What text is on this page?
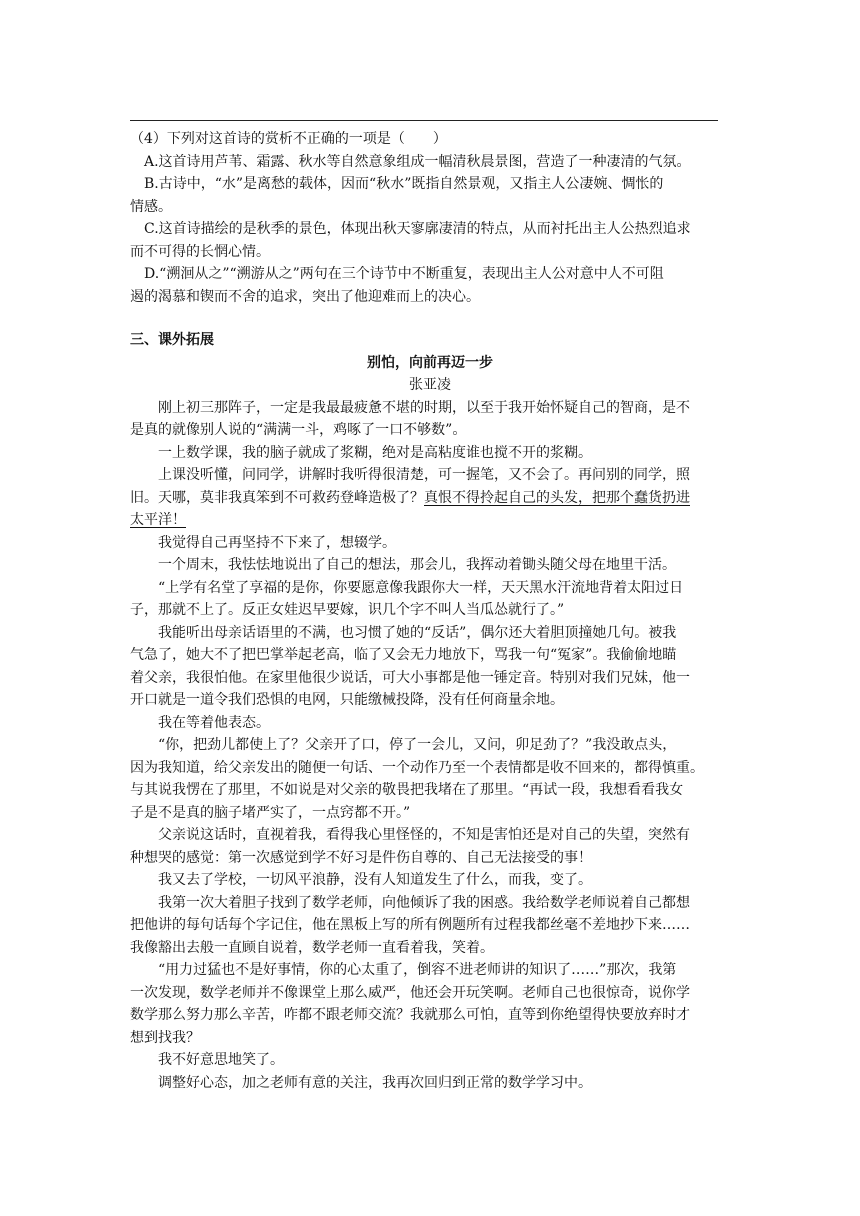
（4）下列对这首诗的赏析不正确的一项是（　　）

A.这首诗用芦苇、霜露、秋水等自然意象组成一幅清秋晨景图，营造了一种凄清的气氛。

B.古诗中，“水”是离愁的载体，因而“秋水”既指自然景观，又指主人公凄婉、惆怅的

情感。

C.这首诗描绘的是秋季的景色，体现出秋天寥廓凄清的特点，从而衬托出主人公热烈追求

而不可得的长惘心情。

D.“溯洄从之”“溯游从之”两句在三个诗节中不断重复，表现出主人公对意中人不可阻

遏的渴慕和锲而不舍的追求，突出了他迎难而上的决心。

三、课外拓展
别怕，向前再迈一步
张亚凌

刚上初三那阵子，一定是我最最疲惫不堪的时期，以至于我开始怀疑自己的智商，是不

是真的就像别人说的“满满一斗，鸡啄了一口不够数”。

一上数学课，我的脑子就成了浆糊，绝对是高粘度谁也搅不开的浆糊。

上课没听懂，问同学，讲解时我听得很清楚，可一握笔，又不会了。再问别的同学，照

旧。天哪，莫非我真笨到不可救药登峰造极了？真恨不得拎起自己的头发，把那个蠢货扔进

太平洋！

我觉得自己再坚持不下来了，想辍学。

一个周末，我怯怯地说出了自己的想法，那会儿，我挥动着锄头随父母在地里干活。

“上学有名堂了享福的是你，你要愿意像我跟你大一样，天天黑水汗流地背着太阳过日

子，那就不上了。反正女娃迟早要嫁，识几个字不叫人当瓜怂就行了。”

我能听出母亲话语里的不满，也习惯了她的“反话”，偶尔还大着胆顶撞她几句。被我

气急了，她大不了把巴掌举起老高，临了又会无力地放下，骂我一句“冤家”。我偷偷地瞄

着父亲，我很怕他。在家里他很少说话，可大小事都是他一锤定音。特别对我们兄妹，他一

开口就是一道令我们恐惧的电网，只能缴械投降，没有任何商量余地。

我在等着他表态。

“你，把劲儿都使上了？父亲开了口，停了一会儿，又问，卯足劲了？”我没敢点头，

因为我知道，给父亲发出的随便一句话、一个动作乃至一个表情都是收不回来的，都得慎重。

与其说我愣在了那里，不如说是对父亲的敬畏把我堵在了那里。“再试一段，我想看看我女

子是不是真的脑子堵严实了，一点窍都不开。”

父亲说这话时，直视着我，看得我心里怪怪的，不知是害怕还是对自己的失望，突然有

种想哭的感觉：第一次感觉到学不好习是件伤自尊的、自己无法接受的事！

我又去了学校，一切风平浪静，没有人知道发生了什么，而我，变了。

我第一次大着胆子找到了数学老师，向他倾诉了我的困惑。我给数学老师说着自己都想

把他讲的每句话每个字记住，他在黑板上写的所有例题所有过程我都丝毫不差地抄下来……

我像豁出去般一直顾自说着，数学老师一直看着我，笑着。

“用力过猛也不是好事情，你的心太重了，倒容不进老师讲的知识了……”那次，我第

一次发现，数学老师并不像课堂上那么威严，他还会开玩笑啊。老师自己也很惊奇，说你学

数学那么努力那么辛苦，咋都不跟老师交流？我就那么可怕，直等到你绝望得快要放弃时才

想到找我？

我不好意思地笑了。

调整好心态，加之老师有意的关注，我再次回归到正常的数学学习中。
